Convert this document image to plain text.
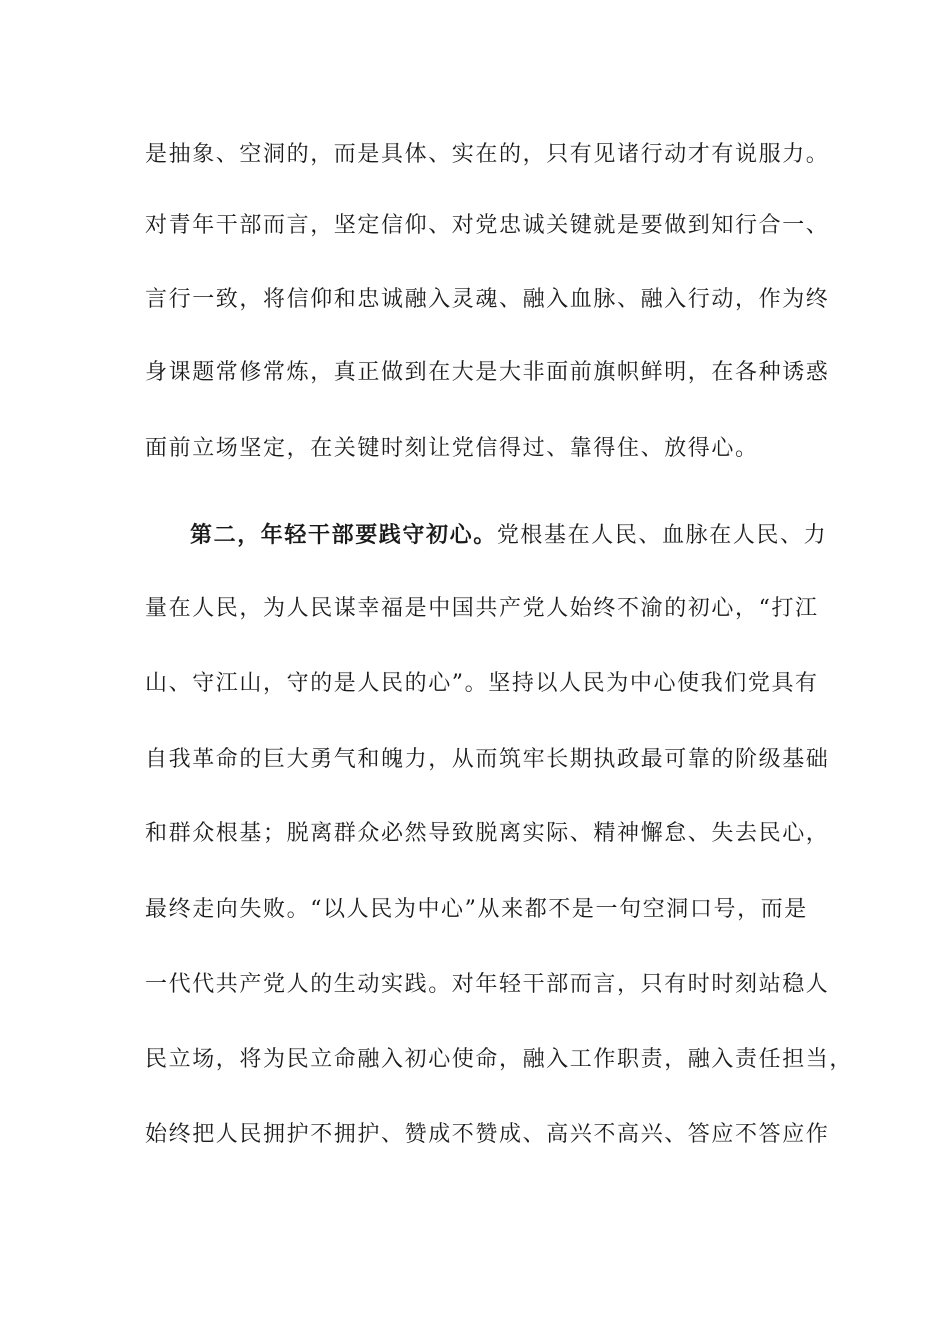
是抽象、空洞的，而是具体、实在的，只有见诸行动才有说服力。
对青年干部而言，坚定信仰、对党忠诚关键就是要做到知行合一、
言行一致，将信仰和忠诚融入灵魂、融入血脉、融入行动，作为终
身课题常修常炼，真正做到在大是大非面前旗帜鲜明，在各种诱惑
面前立场坚定，在关键时刻让党信得过、靠得住、放得心。
第二，年轻干部要践守初心。党根基在人民、血脉在人民、力
量在人民，为人民谋幸福是中国共产党人始终不渝的初心，“打江
山、守江山，守的是人民的心”。坚持以人民为中心使我们党具有
自我革命的巨大勇气和魄力，从而筑牢长期执政最可靠的阶级基础
和群众根基；脱离群众必然导致脱离实际、精神懈怠、失去民心，
最终走向失败。“以人民为中心”从来都不是一句空洞口号，而是
一代代共产党人的生动实践。对年轻干部而言，只有时时刻站稳人
民立场，将为民立命融入初心使命，融入工作职责，融入责任担当，
始终把人民拥护不拥护、赞成不赞成、高兴不高兴、答应不答应作
